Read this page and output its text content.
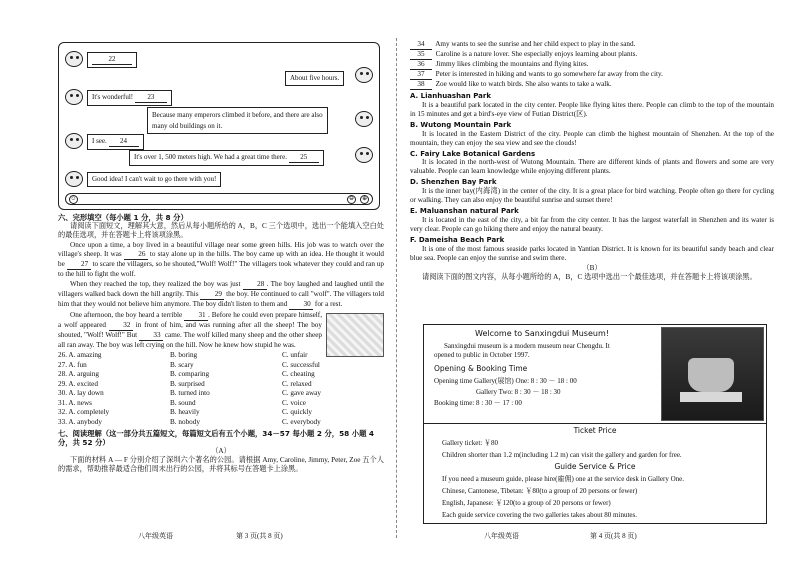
22
About five hours.
It's wonderful! 23
Because many emperors climbed it before, and there are also
many old buildings on it.
I see. 24
It's over 1, 500 meters high. We had a great time there. 25
Good idea! I can't wait to go there with you!
☺	⊖	⊕
六、完形填空（每小题 1 分，共 8 分）

请阅读下面短文，理解其大意，然后从每小题所给的 A，B，C 三个选项中，选出一个能填入空白处的最佳选项，并在答题卡上将该项涂黑。

Once upon a time, a boy lived in a beautiful village near some green hills. His job was to watch over the village's sheep. It was 26 to stay alone up in the hills. The boy came up with an idea. He thought it would be 27 to scare the villagers, so he shouted,"Wolf! Wolf!" The villagers took whatever they could and ran up to the hill to fight the wolf.

When they reached the top, they realized the boy was just 28 . The boy laughed and laughed until the villagers walked back down the hill angrily. This 29 the boy. He continued to call "wolf". The villagers told him that they would not believe him anymore. The boy didn't listen to them and 30 for a rest.

One afternoon, the boy heard a terrible 31 . Before he could even prepare himself, a wolf appeared 32 in front of him, and was running after all the sheep! The boy shouted, "Wolf! Wolf!" But 33 came. The wolf killed many sheep and the other sheep all ran away. The boy was left crying on the hill. Now he knew how stupid he was.

26. A. amazing	B. boring	C. unfair
27. A. fun	B. scary	C. successful
28. A. arguing	B. comparing	C. cheating
29. A. excited	B. surprised	C. relaxed
30. A. lay down	B. turned into	C. gave away
31. A. news	B. sound	C. voice
32. A. completely	B. heavily	C. quickly
33. A. anybody	B. nobody	C. everybody
七、阅读理解（这一部分共五篇短文，每篇短文后有五个小题，34－57 每小题 2 分，58 小题 4 分，共 52 分）
（A）

下面的材料 A — F 分别介绍了深圳六个著名的公园。请根据 Amy, Caroline, Jimmy, Peter, Zoe 五个人的需求，帮助推荐最适合他们周末出行的公园，并将其标号在答题卡上涂黑。

八年级英语	第 3 页(共 8 页)
34 Amy wants to see the sunrise and her child expect to play in the sand.
35 Caroline is a nature lover. She especially enjoys learning about plants.
36 Jimmy likes climbing the mountains and flying kites.
37 Peter is interested in hiking and wants to go somewhere far away from the city.
38 Zoe would like to watch birds. She also wants to take a walk.
A. Lianhuashan Park

It is a beautiful park located in the city center. People like flying kites there. People can climb to the top of the mountain in 15 minutes and get a bird's-eye view of Futian District(区).

B. Wutong Mountain Park

It is located in the Eastern District of the city. People can climb the highest mountain of Shenzhen. At the top of the mountain, they can enjoy the sea view and see the clouds!

C. Fairy Lake Botanical Gardens

It is located in the north-west of Wutong Mountain. There are different kinds of plants and flowers and some are very valuable. People can learn knowledge while enjoying different plants.

D. Shenzhen Bay Park

It is the inner bay(内海湾) in the center of the city. It is a great place for bird watching. People often go there for cycling or walking. They can also enjoy the beautiful sunrise and sunset there!

E. Maluanshan natural Park

It is located in the east of the city, a bit far from the city center. It has the largest waterfall in Shenzhen and its water is very clear. People can go hiking there and enjoy the natural beauty.

F. Dameisha Beach Park

It is one of the most famous seaside parks located in Yantian District. It is known for its beautiful sandy beach and clear blue sea. People can enjoy the sunrise and swim there.

（B）

请阅读下面的图文内容，从每小题所给的 A，B，C 选项中选出一个最佳选项，并在答题卡上将该项涂黑。

Welcome to Sanxingdui Museum!
Sanxingdui museum is a modern museum near Chengdu. It
opened to public in October 1997.
Opening & Booking Time
Opening time Gallery(展馆) One: 8 : 30 － 18 : 00
Gallery Two: 8 : 30 － 18 : 30
Booking time: 8 : 30 － 17 : 00
Ticket Price
Gallery ticket: ￥80
Children shorter than 1.2 m(including 1.2 m) can visit the gallery and garden for free.
Guide Service & Price
If you need a museum guide, please hire(雇佣) one at the service desk in Gallery One.
Chinese, Cantonese, Tibetan: ￥80(to a group of 20 persons or fewer)
English, Japanese: ￥120(to a group of 20 persons or fewer)
Each guide service covering the two galleries takes about 80 minutes.
八年级英语	第 4 页(共 8 页)
